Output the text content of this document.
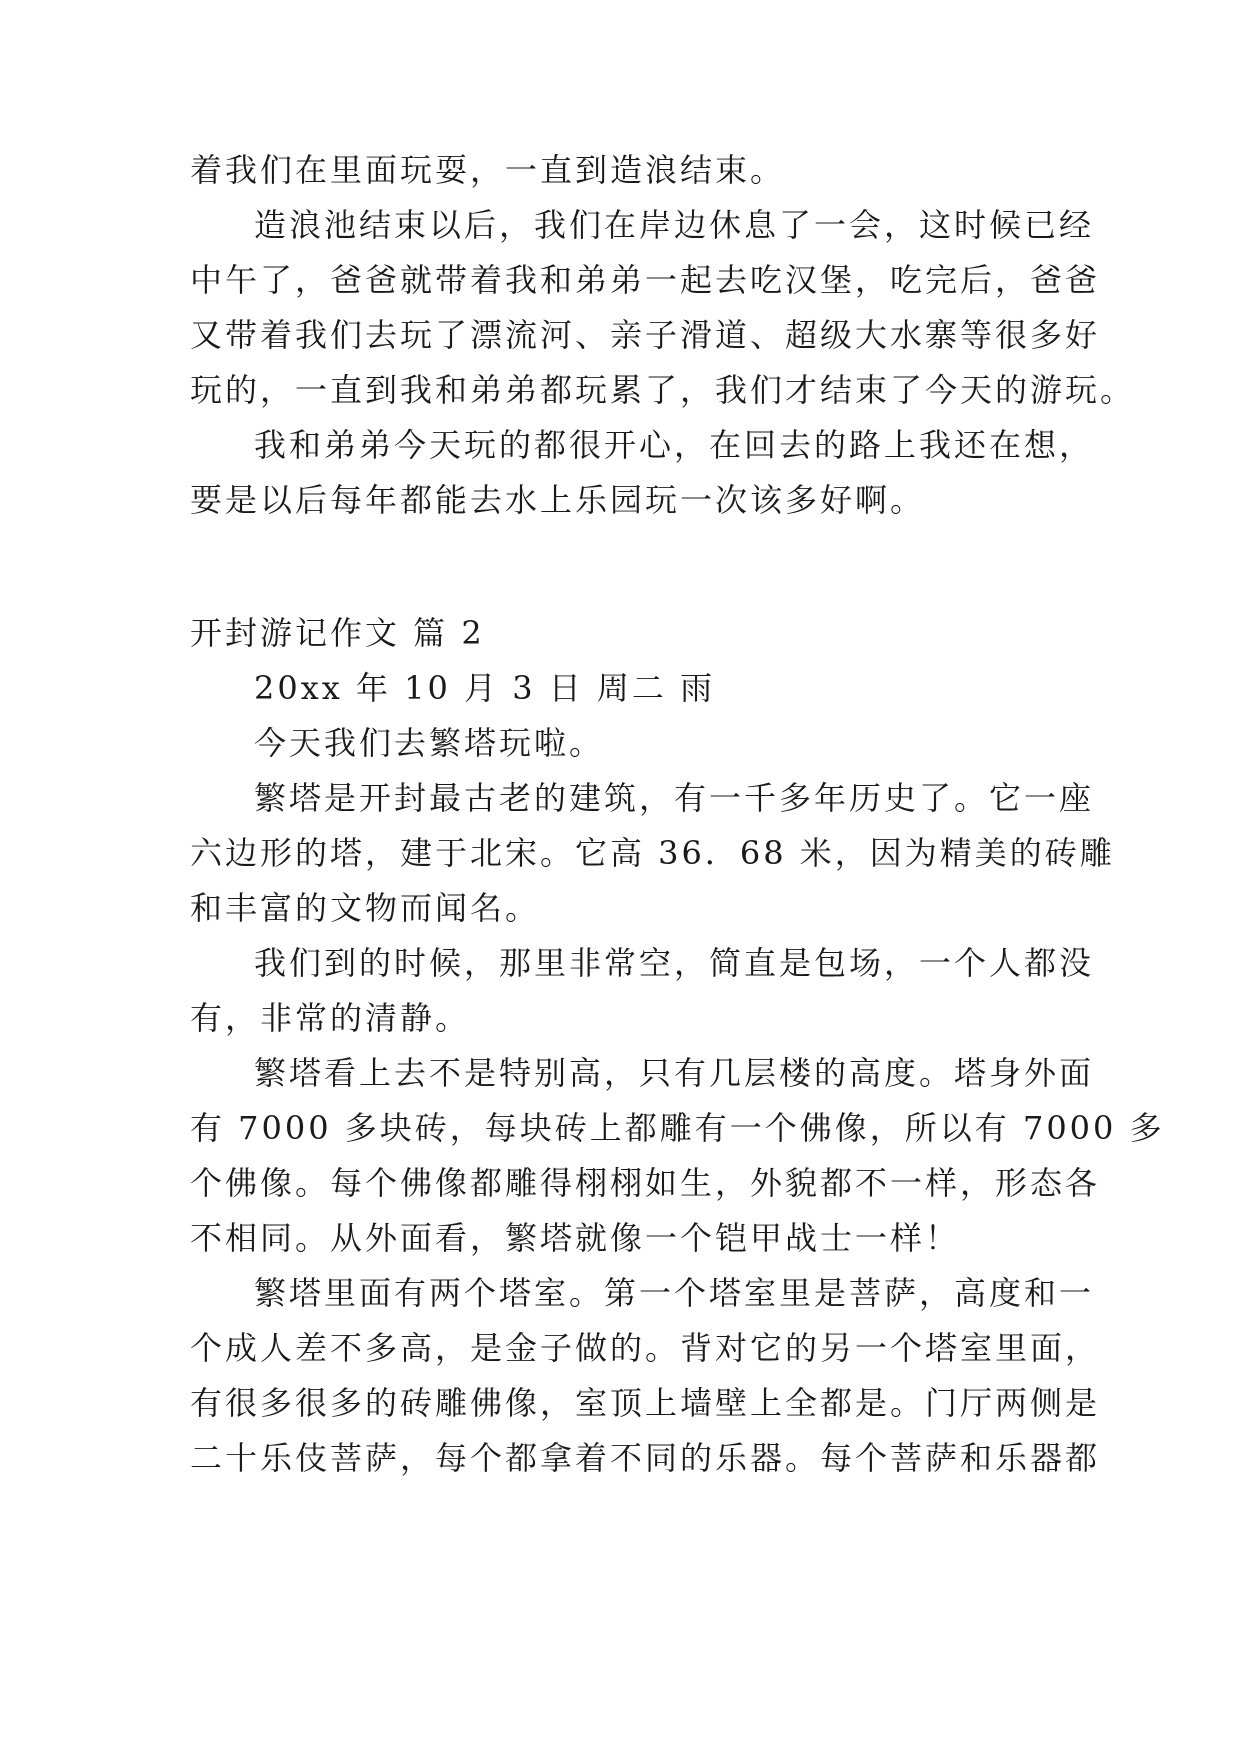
着我们在里面玩耍，一直到造浪结束。
造浪池结束以后，我们在岸边休息了一会，这时候已经
中午了，爸爸就带着我和弟弟一起去吃汉堡，吃完后，爸爸
又带着我们去玩了漂流河、亲子滑道、超级大水寨等很多好
玩的，一直到我和弟弟都玩累了，我们才结束了今天的游玩。
我和弟弟今天玩的都很开心，在回去的路上我还在想，
要是以后每年都能去水上乐园玩一次该多好啊。
开封游记作文 篇 2
20xx 年 10 月 3 日 周二 雨
今天我们去繁塔玩啦。
繁塔是开封最古老的建筑，有一千多年历史了。它一座
六边形的塔，建于北宋。它高 36．68 米，因为精美的砖雕
和丰富的文物而闻名。
我们到的时候，那里非常空，简直是包场，一个人都没
有，非常的清静。
繁塔看上去不是特别高，只有几层楼的高度。塔身外面
有 7000 多块砖，每块砖上都雕有一个佛像，所以有 7000 多
个佛像。每个佛像都雕得栩栩如生，外貌都不一样，形态各
不相同。从外面看，繁塔就像一个铠甲战士一样！
繁塔里面有两个塔室。第一个塔室里是菩萨，高度和一
个成人差不多高，是金子做的。背对它的另一个塔室里面，
有很多很多的砖雕佛像，室顶上墙壁上全都是。门厅两侧是
二十乐伎菩萨，每个都拿着不同的乐器。每个菩萨和乐器都
